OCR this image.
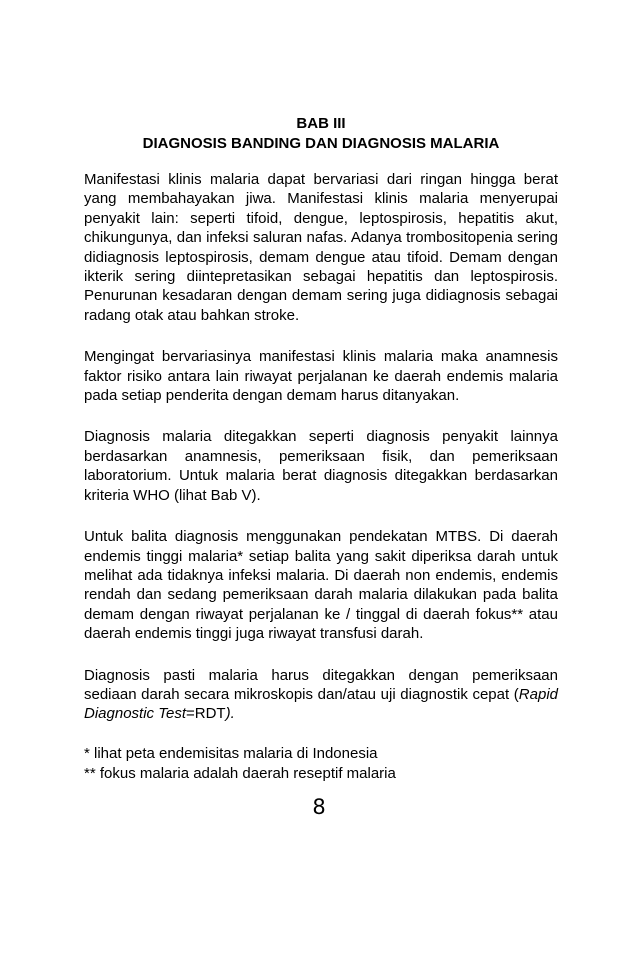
BAB III

DIAGNOSIS BANDING DAN DIAGNOSIS MALARIA

Manifestasi klinis malaria dapat bervariasi dari ringan hingga berat yang membahayakan jiwa. Manifestasi klinis malaria menyerupai penyakit lain: seperti tifoid, dengue, leptospirosis, hepatitis akut, chikungunya, dan infeksi saluran nafas. Adanya trombositopenia sering didiagnosis leptospirosis, demam dengue atau tifoid. Demam dengan ikterik sering diintepretasikan sebagai hepatitis dan leptospirosis. Penurunan kesadaran dengan demam sering juga didiagnosis sebagai radang otak atau bahkan stroke.

Mengingat bervariasinya manifestasi klinis malaria maka anamnesis faktor risiko antara lain riwayat perjalanan ke daerah endemis malaria pada setiap penderita dengan demam harus ditanyakan.

Diagnosis malaria ditegakkan seperti diagnosis penyakit lainnya berdasarkan anamnesis, pemeriksaan fisik, dan pemeriksaan laboratorium. Untuk malaria berat diagnosis ditegakkan berdasarkan kriteria WHO (lihat Bab V).

Untuk balita diagnosis menggunakan pendekatan MTBS. Di daerah endemis tinggi malaria* setiap balita yang sakit diperiksa darah untuk melihat ada tidaknya infeksi malaria. Di daerah non endemis, endemis rendah dan sedang pemeriksaan darah malaria dilakukan pada balita demam dengan riwayat perjalanan ke / tinggal di daerah fokus** atau daerah endemis tinggi juga riwayat transfusi darah.

Diagnosis pasti malaria harus ditegakkan dengan pemeriksaan sediaan darah secara mikroskopis dan/atau uji diagnostik cepat (Rapid Diagnostic Test=RDT).

* lihat peta endemisitas malaria di Indonesia

** fokus malaria adalah daerah reseptif malaria

8
